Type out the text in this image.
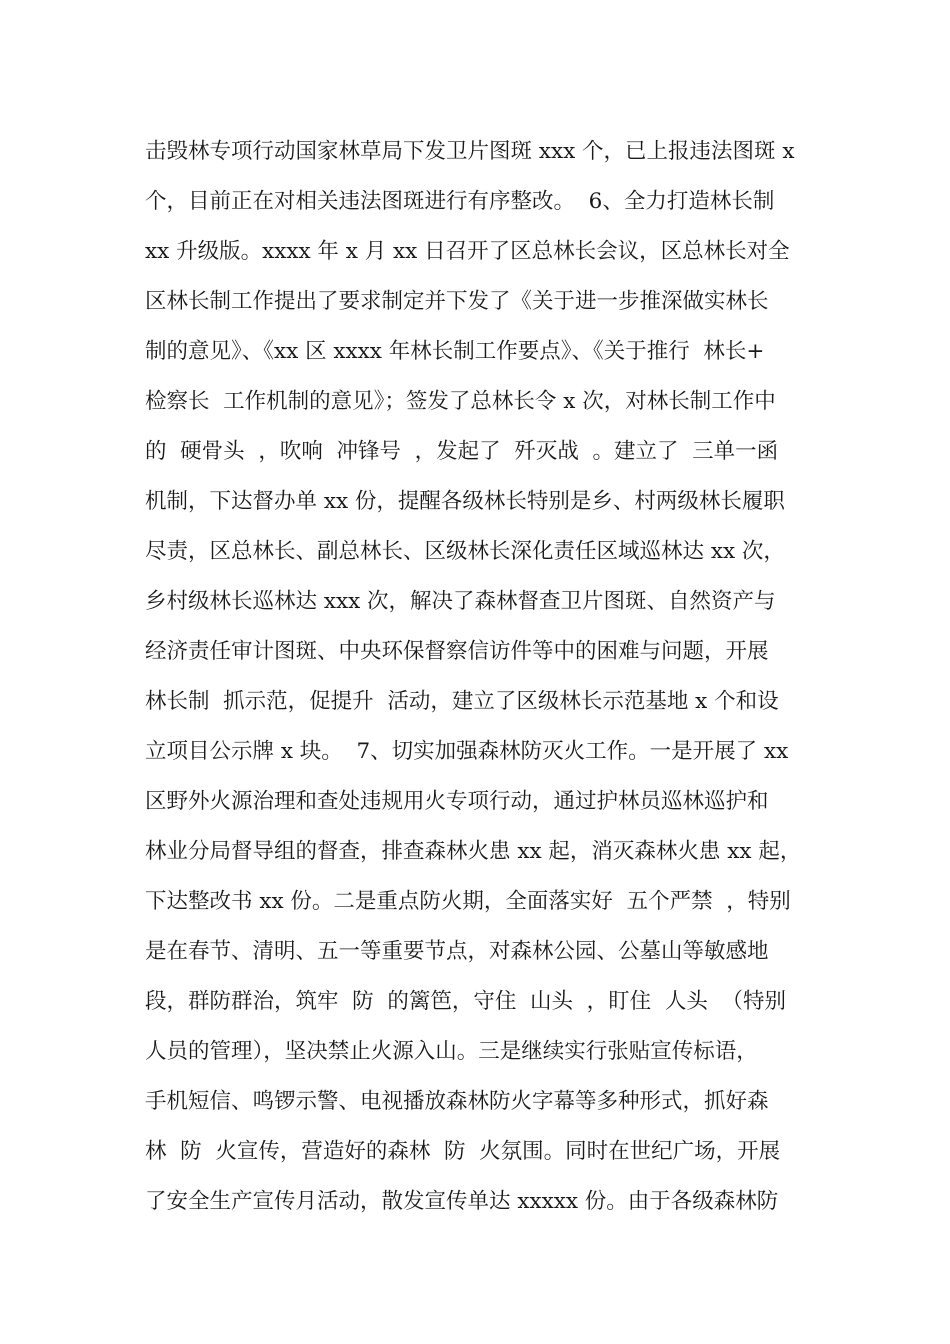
击毁林专项行动国家林草局下发卫片图斑 xxx 个，已上报违法图斑 x
个，目前正在对相关违法图斑进行有序整改。  6、全力打造林长制
xx 升级版。xxxx 年 x 月 xx 日召开了区总林长会议，区总林长对全
区林长制工作提出了要求制定并下发了《关于进一步推深做实林长
制的意见》、《xx 区 xxxx 年林长制工作要点》、《关于推行  林长+
检察长  工作机制的意见》；签发了总林长令 x 次，对林长制工作中
的  硬骨头  ，吹响  冲锋号  ，发起了  歼灭战  。建立了  三单一函
机制，下达督办单 xx 份，提醒各级林长特别是乡、村两级林长履职
尽责，区总林长、副总林长、区级林长深化责任区域巡林达 xx 次，
乡村级林长巡林达 xxx 次，解决了森林督查卫片图斑、自然资产与
经济责任审计图斑、中央环保督察信访件等中的困难与问题，开展
林长制  抓示范，促提升  活动，建立了区级林长示范基地 x 个和设
立项目公示牌 x 块。  7、切实加强森林防灭火工作。一是开展了 xx
区野外火源治理和查处违规用火专项行动，通过护林员巡林巡护和
林业分局督导组的督查，排查森林火患 xx 起，消灭森林火患 xx 起，
下达整改书 xx 份。二是重点防火期，全面落实好  五个严禁  ，特别
是在春节、清明、五一等重要节点，对森林公园、公墓山等敏感地
段，群防群治，筑牢  防  的篱笆，守住  山头  ，盯住  人头  （特别
人员的管理），坚决禁止火源入山。三是继续实行张贴宣传标语，
手机短信、鸣锣示警、电视播放森林防火字幕等多种形式，抓好森
林  防  火宣传，营造好的森林  防  火氛围。同时在世纪广场，开展
了安全生产宣传月活动，散发宣传单达 xxxxx 份。由于各级森林防
